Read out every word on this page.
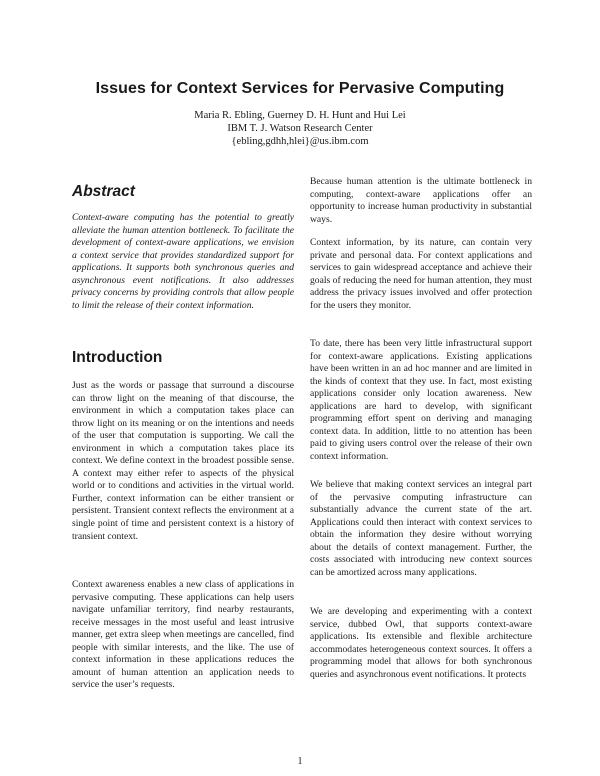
Issues for Context Services for Pervasive Computing
Maria R. Ebling, Guerney D. H. Hunt and Hui Lei
IBM T. J. Watson Research Center
{ebling,gdhh,hlei}@us.ibm.com
Abstract

Context-aware computing has the potential to greatly alleviate the human attention bottleneck. To facilitate the development of context-aware applications, we envision a context service that provides standardized support for applications. It supports both synchronous queries and asynchronous event notifications. It also addresses privacy concerns by providing controls that allow people to limit the release of their context information.

Introduction

Just as the words or passage that surround a discourse can throw light on the meaning of that discourse, the environment in which a computation takes place can throw light on its meaning or on the intentions and needs of the user that computation is supporting. We call the environment in which a computation takes place its context. We define context in the broadest possible sense. A context may either refer to aspects of the physical world or to conditions and activities in the virtual world. Further, context information can be either transient or persistent. Transient context reflects the environment at a single point of time and persistent context is a history of transient context.

Context awareness enables a new class of applications in pervasive computing. These applications can help users navigate unfamiliar territory, find nearby restaurants, receive messages in the most useful and least intrusive manner, get extra sleep when meetings are cancelled, find people with similar interests, and the like. The use of context information in these applications reduces the amount of human attention an application needs to service the user’s requests.

Because human attention is the ultimate bottleneck in computing, context-aware applications offer an opportunity to increase human productivity in substantial ways.

Context information, by its nature, can contain very private and personal data. For context applications and services to gain widespread acceptance and achieve their goals of reducing the need for human attention, they must address the privacy issues involved and offer protection for the users they monitor.

To date, there has been very little infrastructural support for context-aware applications. Existing applications have been written in an ad hoc manner and are limited in the kinds of context that they use. In fact, most existing applications consider only location awareness. New applications are hard to develop, with significant programming effort spent on deriving and managing context data. In addition, little to no attention has been paid to giving users control over the release of their own context information.

We believe that making context services an integral part of the pervasive computing infrastructure can substantially advance the current state of the art. Applications could then interact with context services to obtain the information they desire without worrying about the details of context management. Further, the costs associated with introducing new context sources can be amortized across many applications.

We are developing and experimenting with a context service, dubbed Owl, that supports context-aware applications. Its extensible and flexible architecture accommodates heterogeneous context sources. It offers a programming model that allows for both synchronous queries and asynchronous event notifications. It protects

1
